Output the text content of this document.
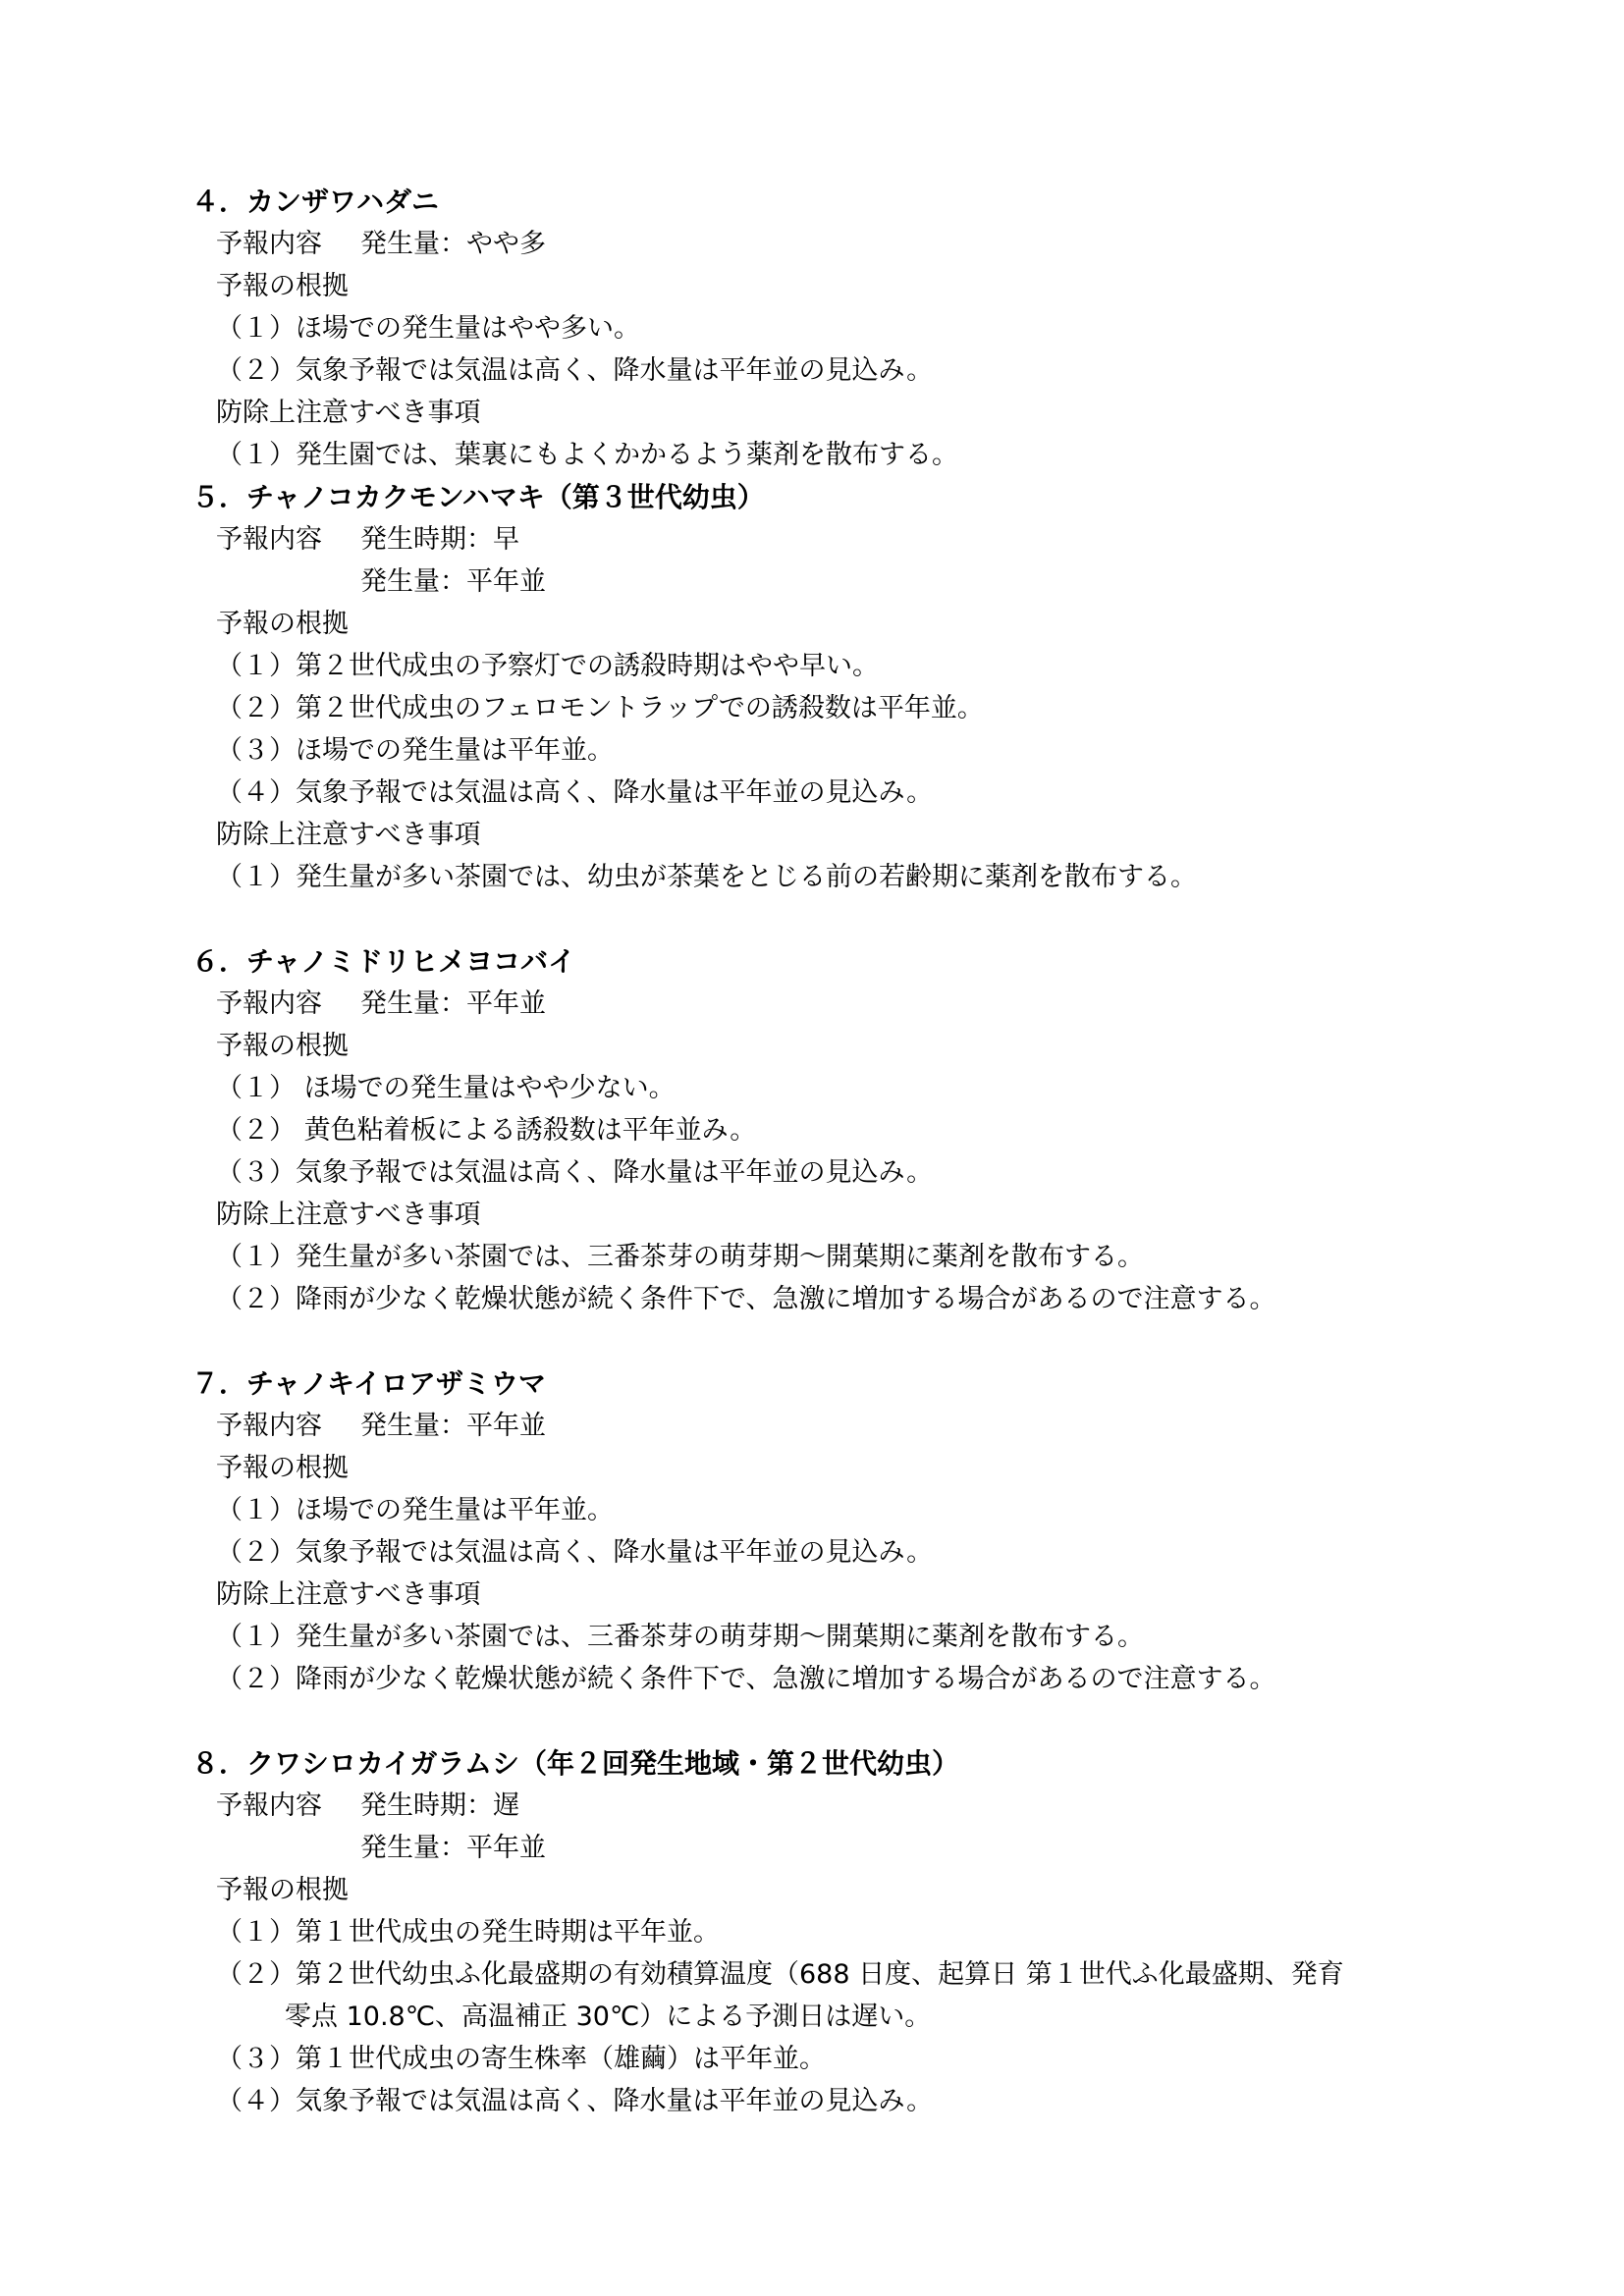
４．カンザワハダニ
予報内容 発生量：やや多
予報の根拠
（１）ほ場での発生量はやや多い。
（２）気象予報では気温は高く、降水量は平年並の見込み。
防除上注意すべき事項
（１）発生園では、葉裏にもよくかかるよう薬剤を散布する。
５．チャノコカクモンハマキ（第３世代幼虫）
予報内容 発生時期：早
発生量：平年並
予報の根拠
（１）第２世代成虫の予察灯での誘殺時期はやや早い。
（２）第２世代成虫のフェロモントラップでの誘殺数は平年並。
（３）ほ場での発生量は平年並。
（４）気象予報では気温は高く、降水量は平年並の見込み。
防除上注意すべき事項
（１）発生量が多い茶園では、幼虫が茶葉をとじる前の若齢期に薬剤を散布する。
６．チャノミドリヒメヨコバイ
予報内容 発生量：平年並
予報の根拠
（１） ほ場での発生量はやや少ない。
（２） 黄色粘着板による誘殺数は平年並み。
（３）気象予報では気温は高く、降水量は平年並の見込み。
防除上注意すべき事項
（１）発生量が多い茶園では、三番茶芽の萌芽期～開葉期に薬剤を散布する。
（２）降雨が少なく乾燥状態が続く条件下で、急激に増加する場合があるので注意する。
７．チャノキイロアザミウマ
予報内容 発生量：平年並
予報の根拠
（１）ほ場での発生量は平年並。
（２）気象予報では気温は高く、降水量は平年並の見込み。
防除上注意すべき事項
（１）発生量が多い茶園では、三番茶芽の萌芽期～開葉期に薬剤を散布する。
（２）降雨が少なく乾燥状態が続く条件下で、急激に増加する場合があるので注意する。
８．クワシロカイガラムシ（年２回発生地域・第２世代幼虫）
予報内容 発生時期：遅
発生量：平年並
予報の根拠
（１）第１世代成虫の発生時期は平年並。
（２）第２世代幼虫ふ化最盛期の有効積算温度（688 日度、起算日 第１世代ふ化最盛期、発育
零点 10.8℃、高温補正 30℃）による予測日は遅い。
（３）第１世代成虫の寄生株率（雄繭）は平年並。
（４）気象予報では気温は高く、降水量は平年並の見込み。
